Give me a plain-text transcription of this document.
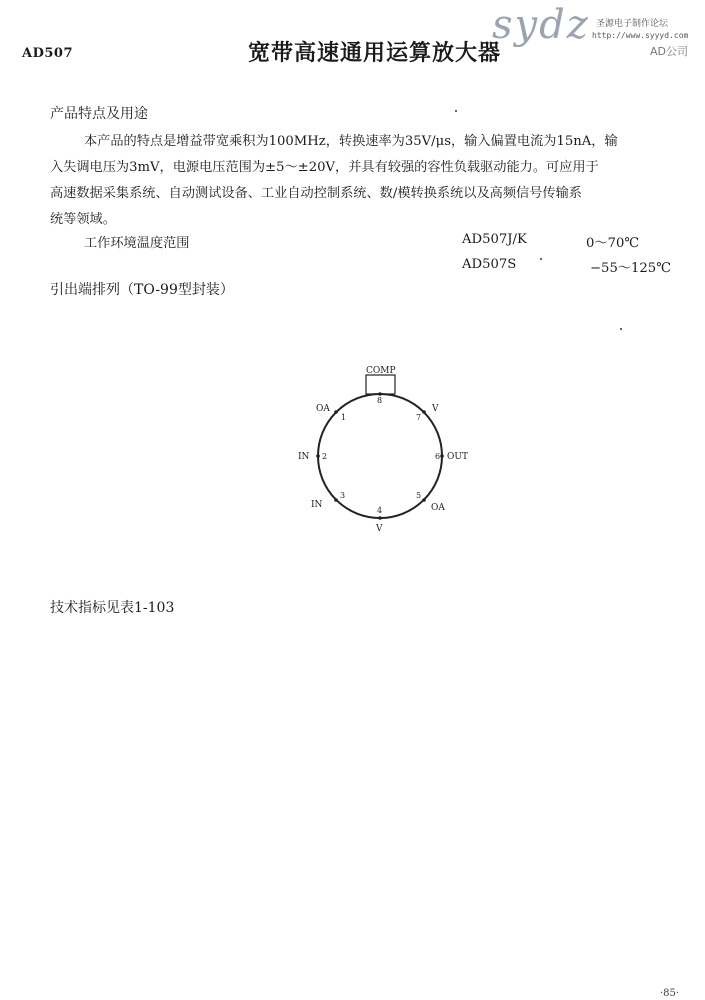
sydz 圣源电子制作论坛
http://www.syyyd.com
AD公司
AD507	宽带高速通用运算放大器
产品特点及用途
本产品的特点是增益带宽乘积为100MHz，转换速率为35V/μs，输入偏置电流为15nA，输
入失调电压为3mV，电源电压范围为±5～±20V，并具有较强的容性负载驱动能力。可应用于
高速数据采集系统、自动测试设备、工业自动控制系统、数/模转换系统以及高频信号传输系
统等领域。
工作环境温度范围	AD507J/K	0～70℃
AD507S	−55～125℃
引出端排列（TO-99型封装）
COMP
8
V
7
OUT
6
OA
5
V
4
IN
3
IN 2
OA
1
技术指标见表1-103
·85·
